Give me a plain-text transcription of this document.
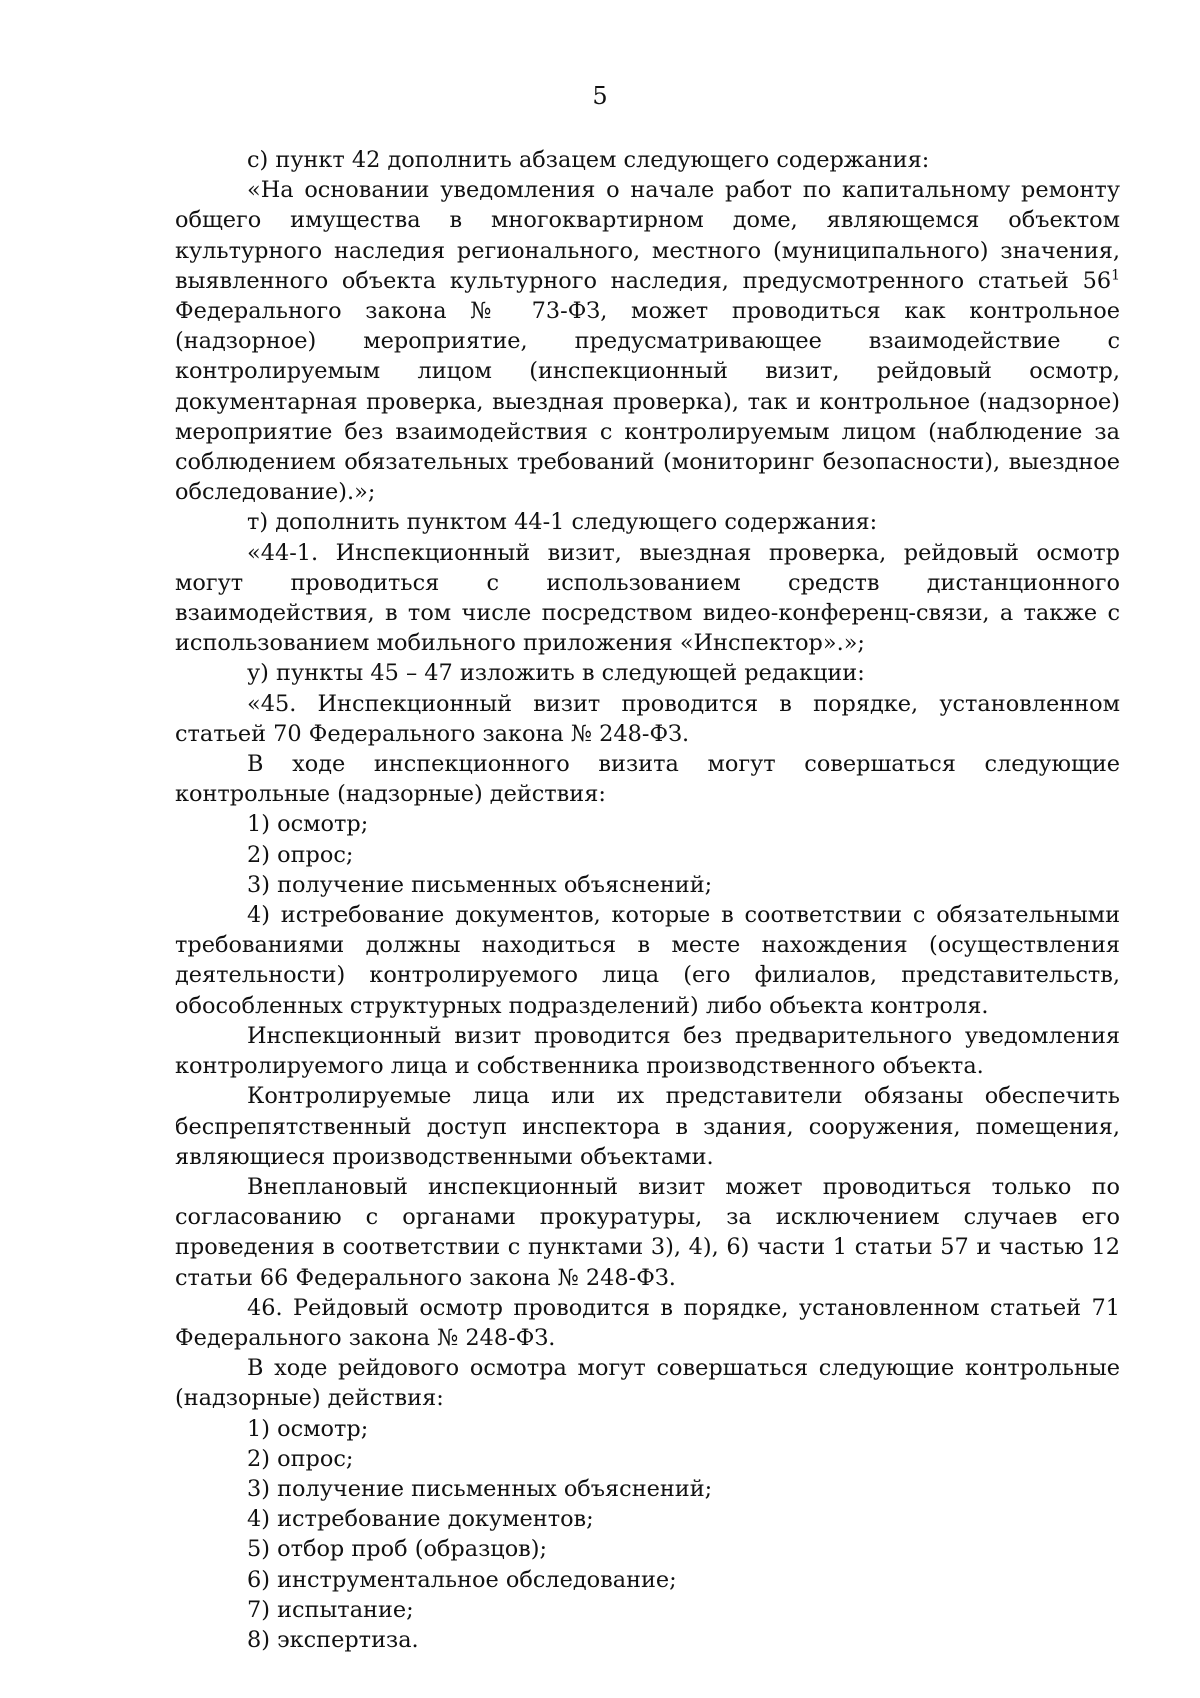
5

с) пункт 42 дополнить абзацем следующего содержания:

«На основании уведомления о начале работ по капитальному ремонту общего имущества в многоквартирном доме, являющемся объектом культурного наследия регионального, местного (муниципального) значения, выявленного объекта культурного наследия, предусмотренного статьей $56^1$ Федерального закона № 73-ФЗ, может проводиться как контрольное (надзорное) мероприятие, предусматривающее взаимодействие с контролируемым лицом (инспекционный визит, рейдовый осмотр, документарная проверка, выездная проверка), так и контрольное (надзорное) мероприятие без взаимодействия с контролируемым лицом (наблюдение за соблюдением обязательных требований (мониторинг безопасности), выездное обследование).»;

т) дополнить пунктом 44-1 следующего содержания:

«44-1. Инспекционный визит, выездная проверка, рейдовый осмотр могут проводиться с использованием средств дистанционного взаимодействия, в том числе посредством видео-конференц-связи, а также с использованием мобильного приложения «Инспектор».»;

у) пункты 45 – 47 изложить в следующей редакции:

«45. Инспекционный визит проводится в порядке, установленном статьей 70 Федерального закона № 248-ФЗ.

В ходе инспекционного визита могут совершаться следующие контрольные (надзорные) действия:

1) осмотр;

2) опрос;

3) получение письменных объяснений;

4) истребование документов, которые в соответствии с обязательными требованиями должны находиться в месте нахождения (осуществления деятельности) контролируемого лица (его филиалов, представительств, обособленных структурных подразделений) либо объекта контроля.

Инспекционный визит проводится без предварительного уведомления контролируемого лица и собственника производственного объекта.

Контролируемые лица или их представители обязаны обеспечить беспрепятственный доступ инспектора в здания, сооружения, помещения, являющиеся производственными объектами.

Внеплановый инспекционный визит может проводиться только по согласованию с органами прокуратуры, за исключением случаев его проведения в соответствии с пунктами 3), 4), 6) части 1 статьи 57 и частью 12 статьи 66 Федерального закона № 248-ФЗ.

46. Рейдовый осмотр проводится в порядке, установленном статьей 71 Федерального закона № 248-ФЗ.

В ходе рейдового осмотра могут совершаться следующие контрольные (надзорные) действия:

1) осмотр;

2) опрос;

3) получение письменных объяснений;

4) истребование документов;

5) отбор проб (образцов);

6) инструментальное обследование;

7) испытание;

8) экспертиза.
